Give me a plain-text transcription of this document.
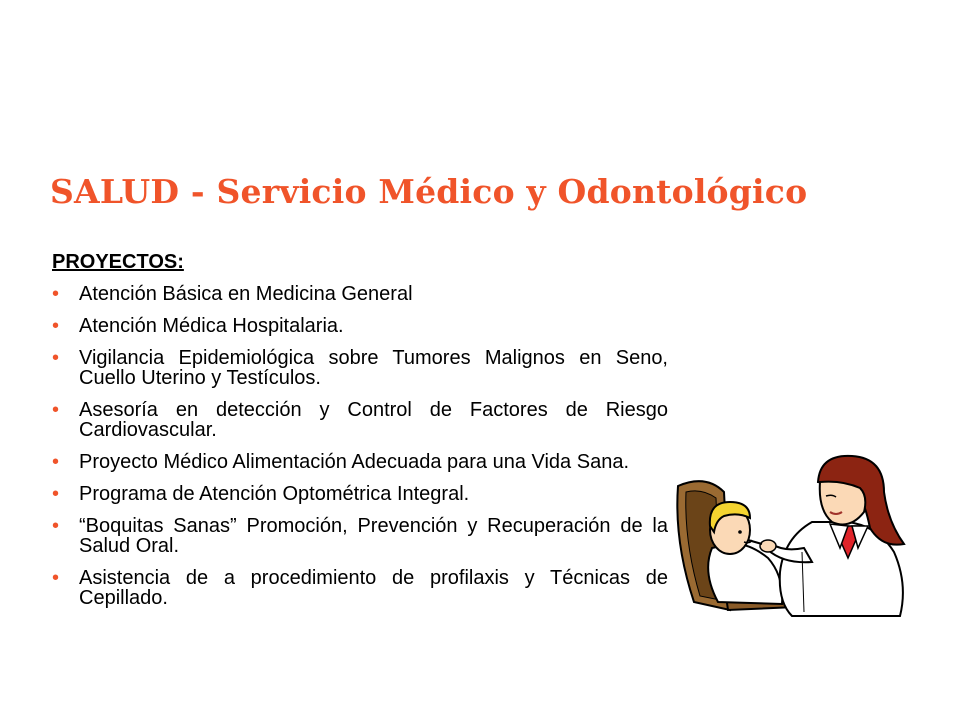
SALUD - Servicio Médico y Odontológico
PROYECTOS:
• Atención Básica en Medicina General
• Atención Médica Hospitalaria.
• Vigilancia Epidemiológica sobre Tumores Malignos en Seno, Cuello Uterino y Testículos.
• Asesoría en detección y Control de Factores de Riesgo Cardiovascular.
• Proyecto Médico Alimentación Adecuada para una Vida Sana.
• Programa de Atención Optométrica Integral.
• “Boquitas Sanas” Promoción, Prevención y Recuperación de la Salud Oral.
• Asistencia de a procedimiento de profilaxis y Técnicas de Cepillado.
